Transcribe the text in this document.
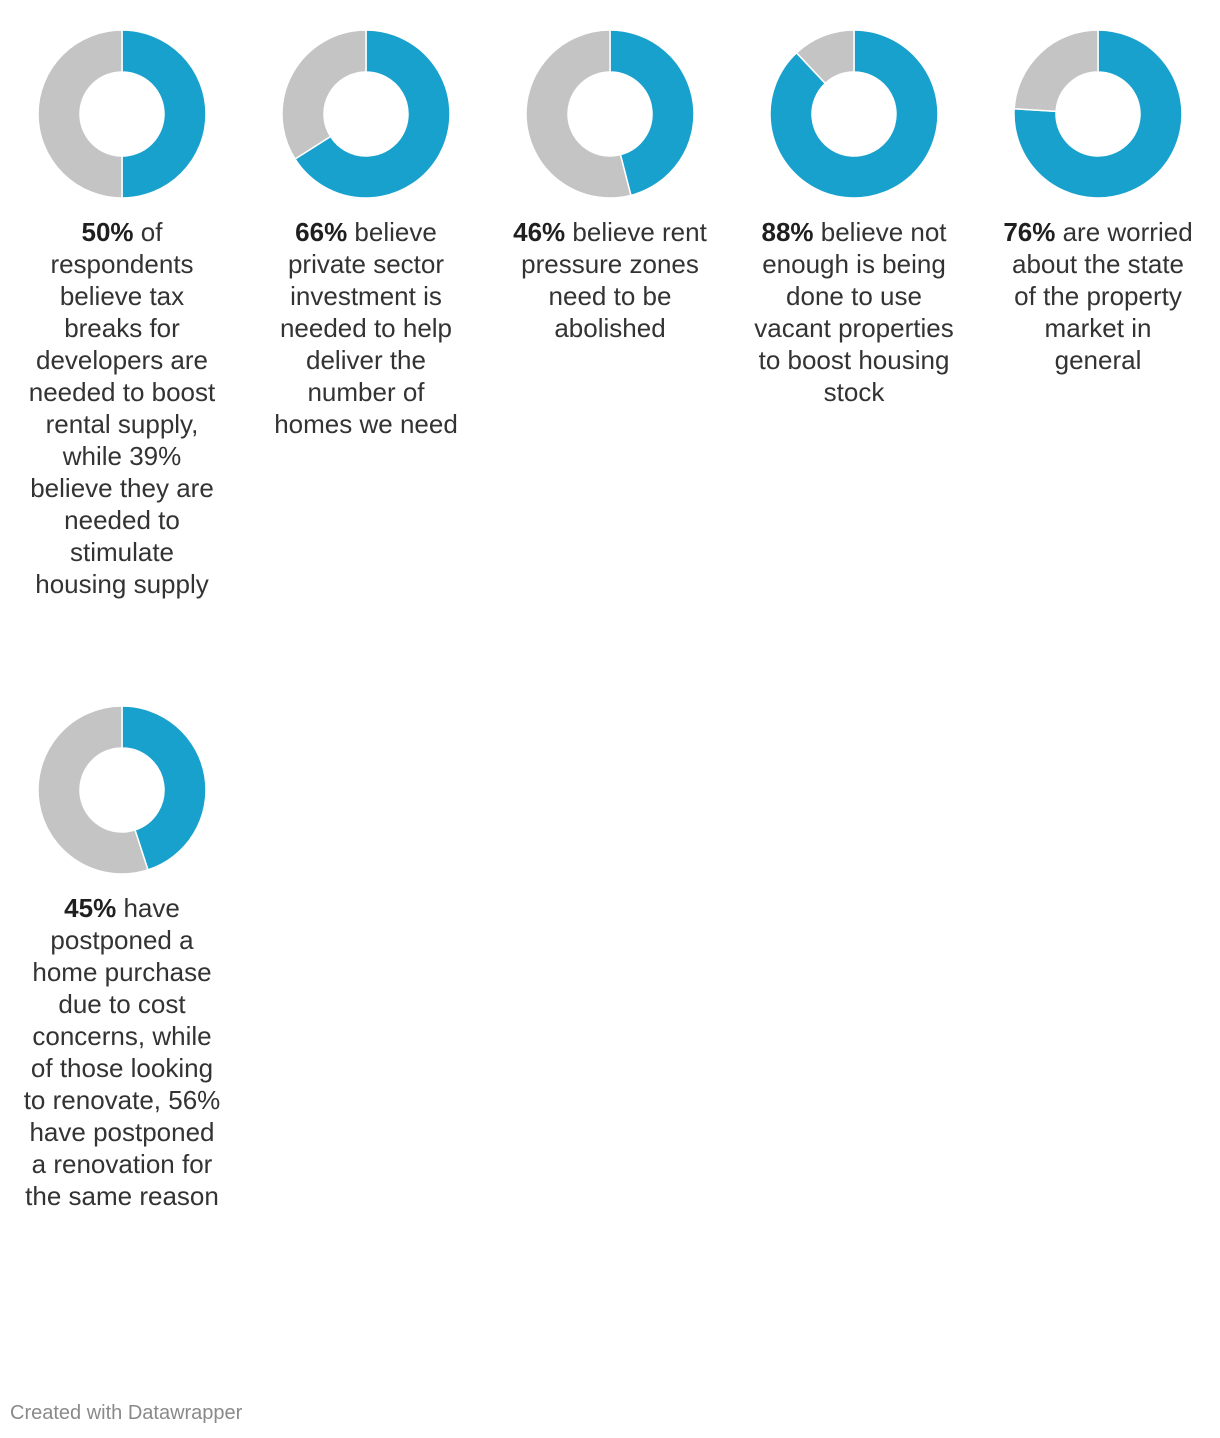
50% of respondents believe tax breaks for developers are needed to boost rental supply, while 39% believe they are needed to stimulate housing supply
66% believe private sector investment is needed to help deliver the number of homes we need
46% believe rent pressure zones need to be abolished
88% believe not enough is being done to use vacant properties to boost housing stock
76% are worried about the state of the property market in general
45% have postponed a home purchase due to cost concerns, while of those looking to renovate, 56% have postponed a renovation for the same reason
Created with Datawrapper
